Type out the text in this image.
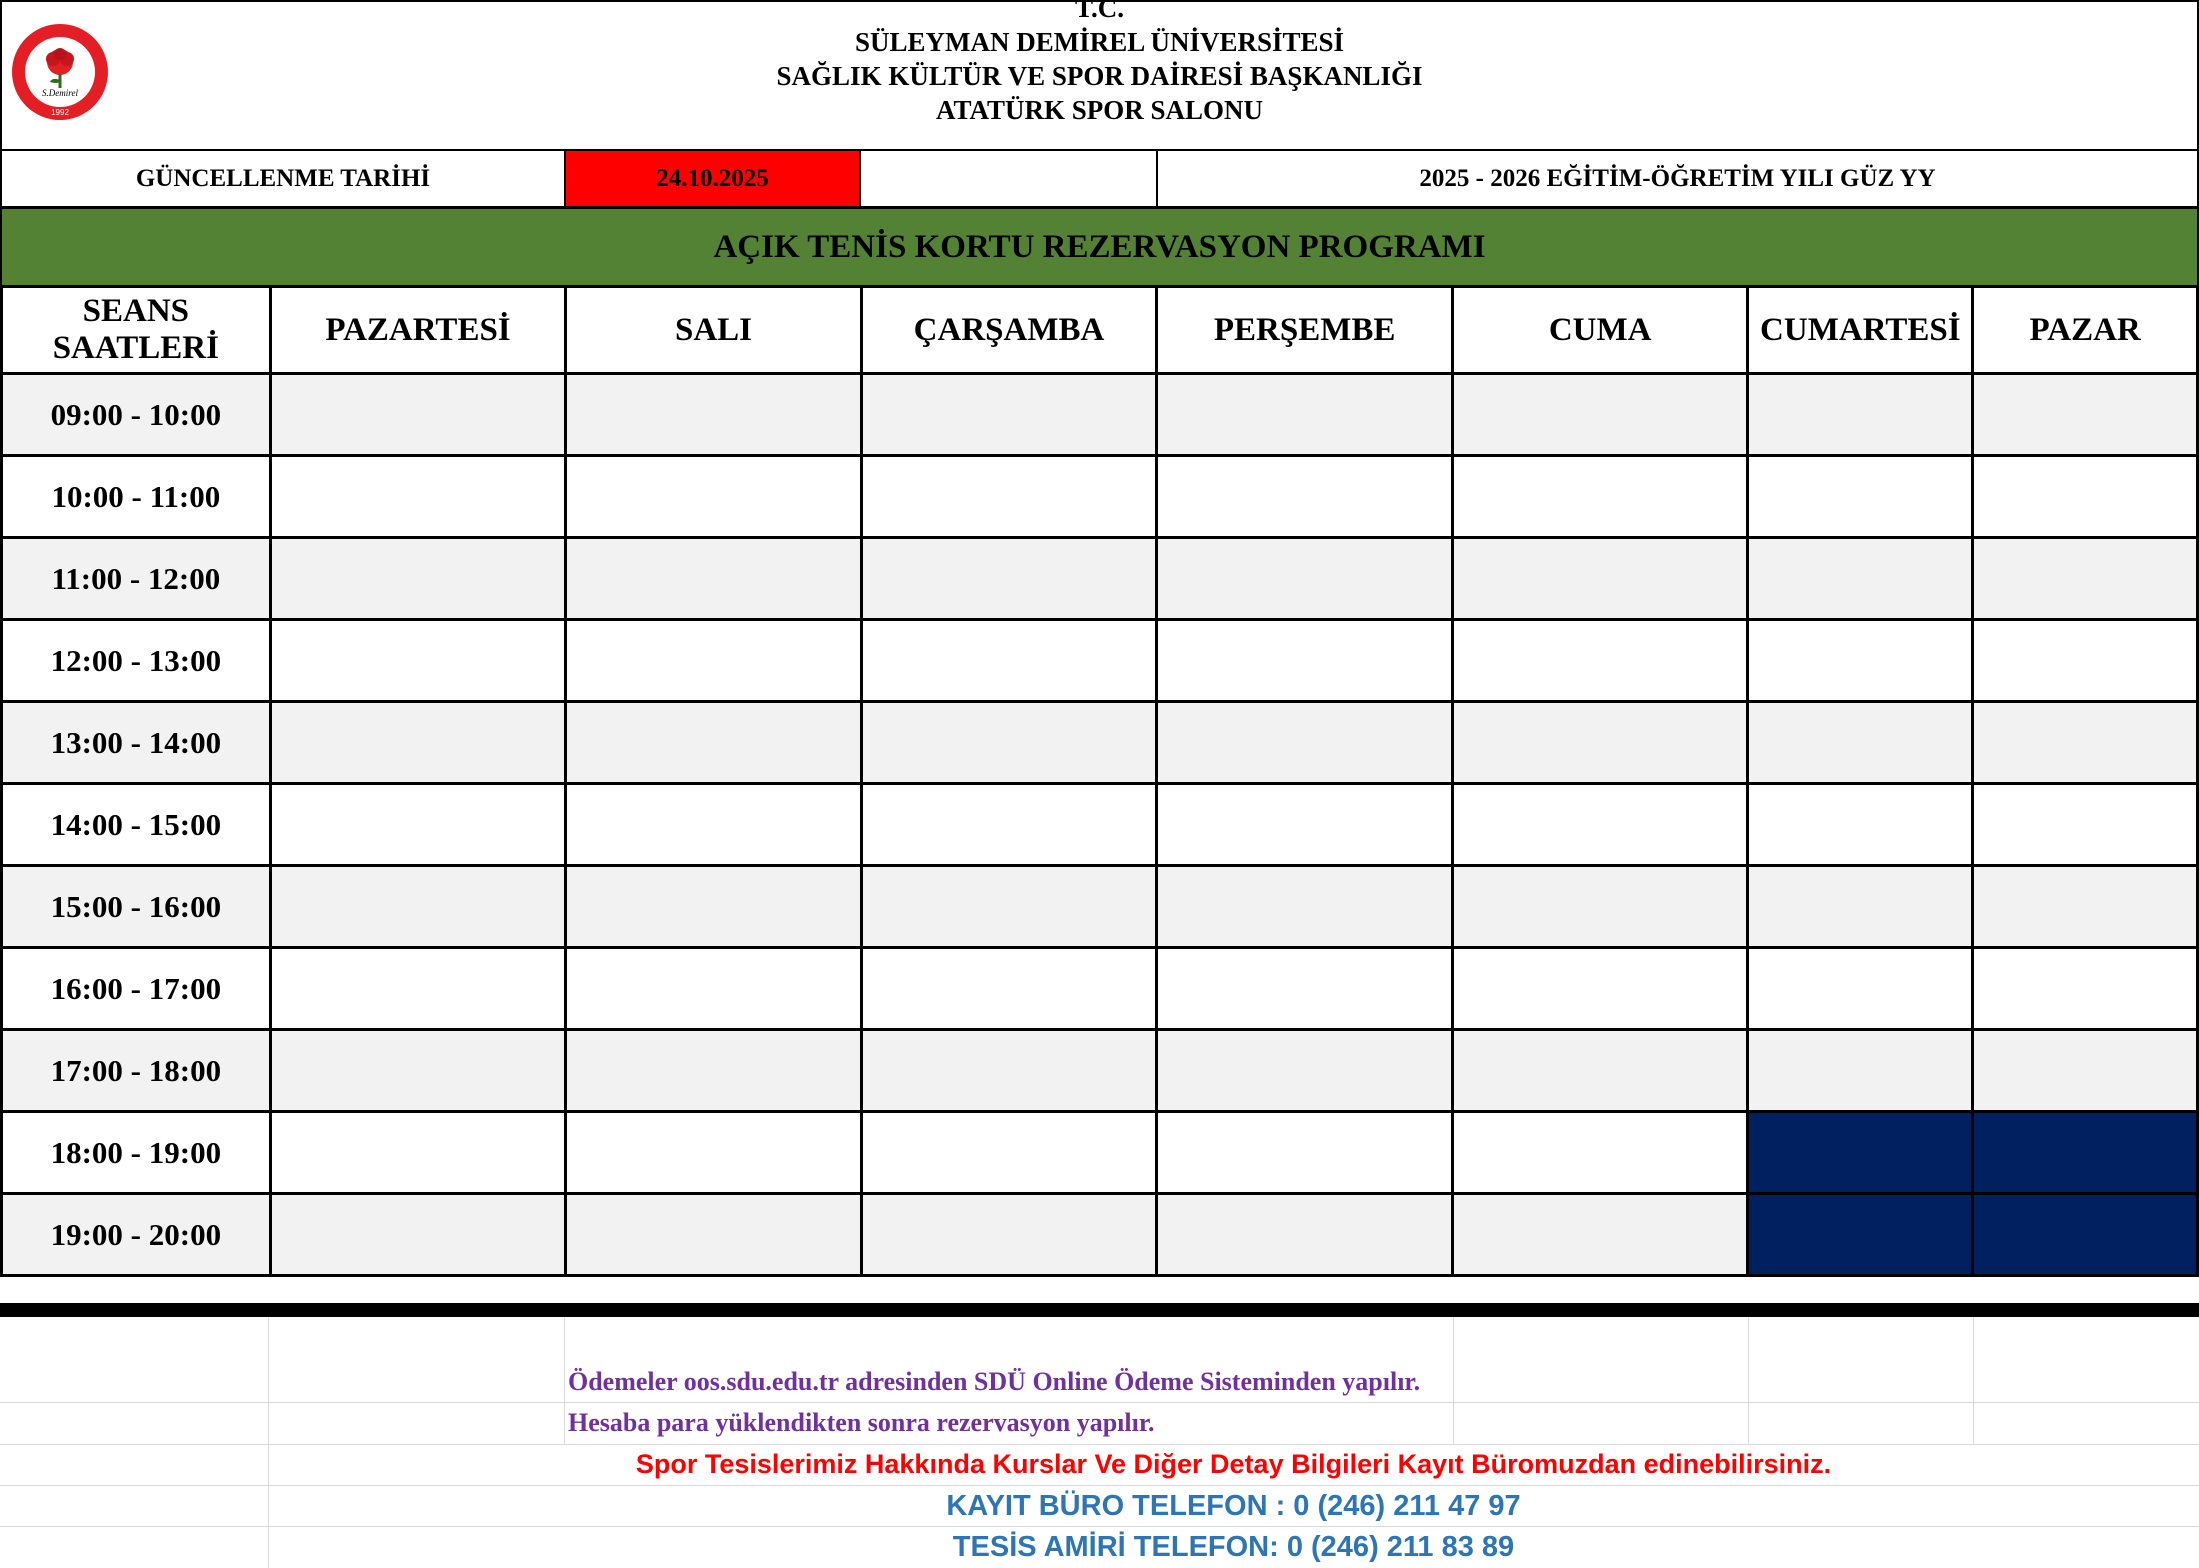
S.Demirel
1992
T.C.
SÜLEYMAN DEMİREL ÜNİVERSİTESİ
SAĞLIK KÜLTÜR VE SPOR DAİRESİ BAŞKANLIĞI
ATATÜRK SPOR SALONU
GÜNCELLENME TARİHİ	24.10.2025	2025 - 2026 EĞİTİM-ÖĞRETİM YILI GÜZ YY
AÇIK TENİS KORTU REZERVASYON PROGRAMI
SEANS
SAATLERİ	PAZARTESİ	SALI	ÇARŞAMBA	PERŞEMBE	CUMA	CUMARTESİ	PAZAR
09:00 - 10:00							
10:00 - 11:00							
11:00 - 12:00							
12:00 - 13:00							
13:00 - 14:00							
14:00 - 15:00							
15:00 - 16:00							
16:00 - 17:00							
17:00 - 18:00							
18:00 - 19:00							
19:00 - 20:00							
Ödemeler oos.sdu.edu.tr adresinden SDÜ Online Ödeme Sisteminden yapılır.
Hesaba para yüklendikten sonra rezervasyon yapılır.
Spor Tesislerimiz Hakkında Kurslar Ve Diğer Detay Bilgileri Kayıt Büromuzdan edinebilirsiniz.
KAYIT BÜRO TELEFON : 0 (246) 211 47 97
TESİS AMİRİ TELEFON: 0 (246) 211 83 89
